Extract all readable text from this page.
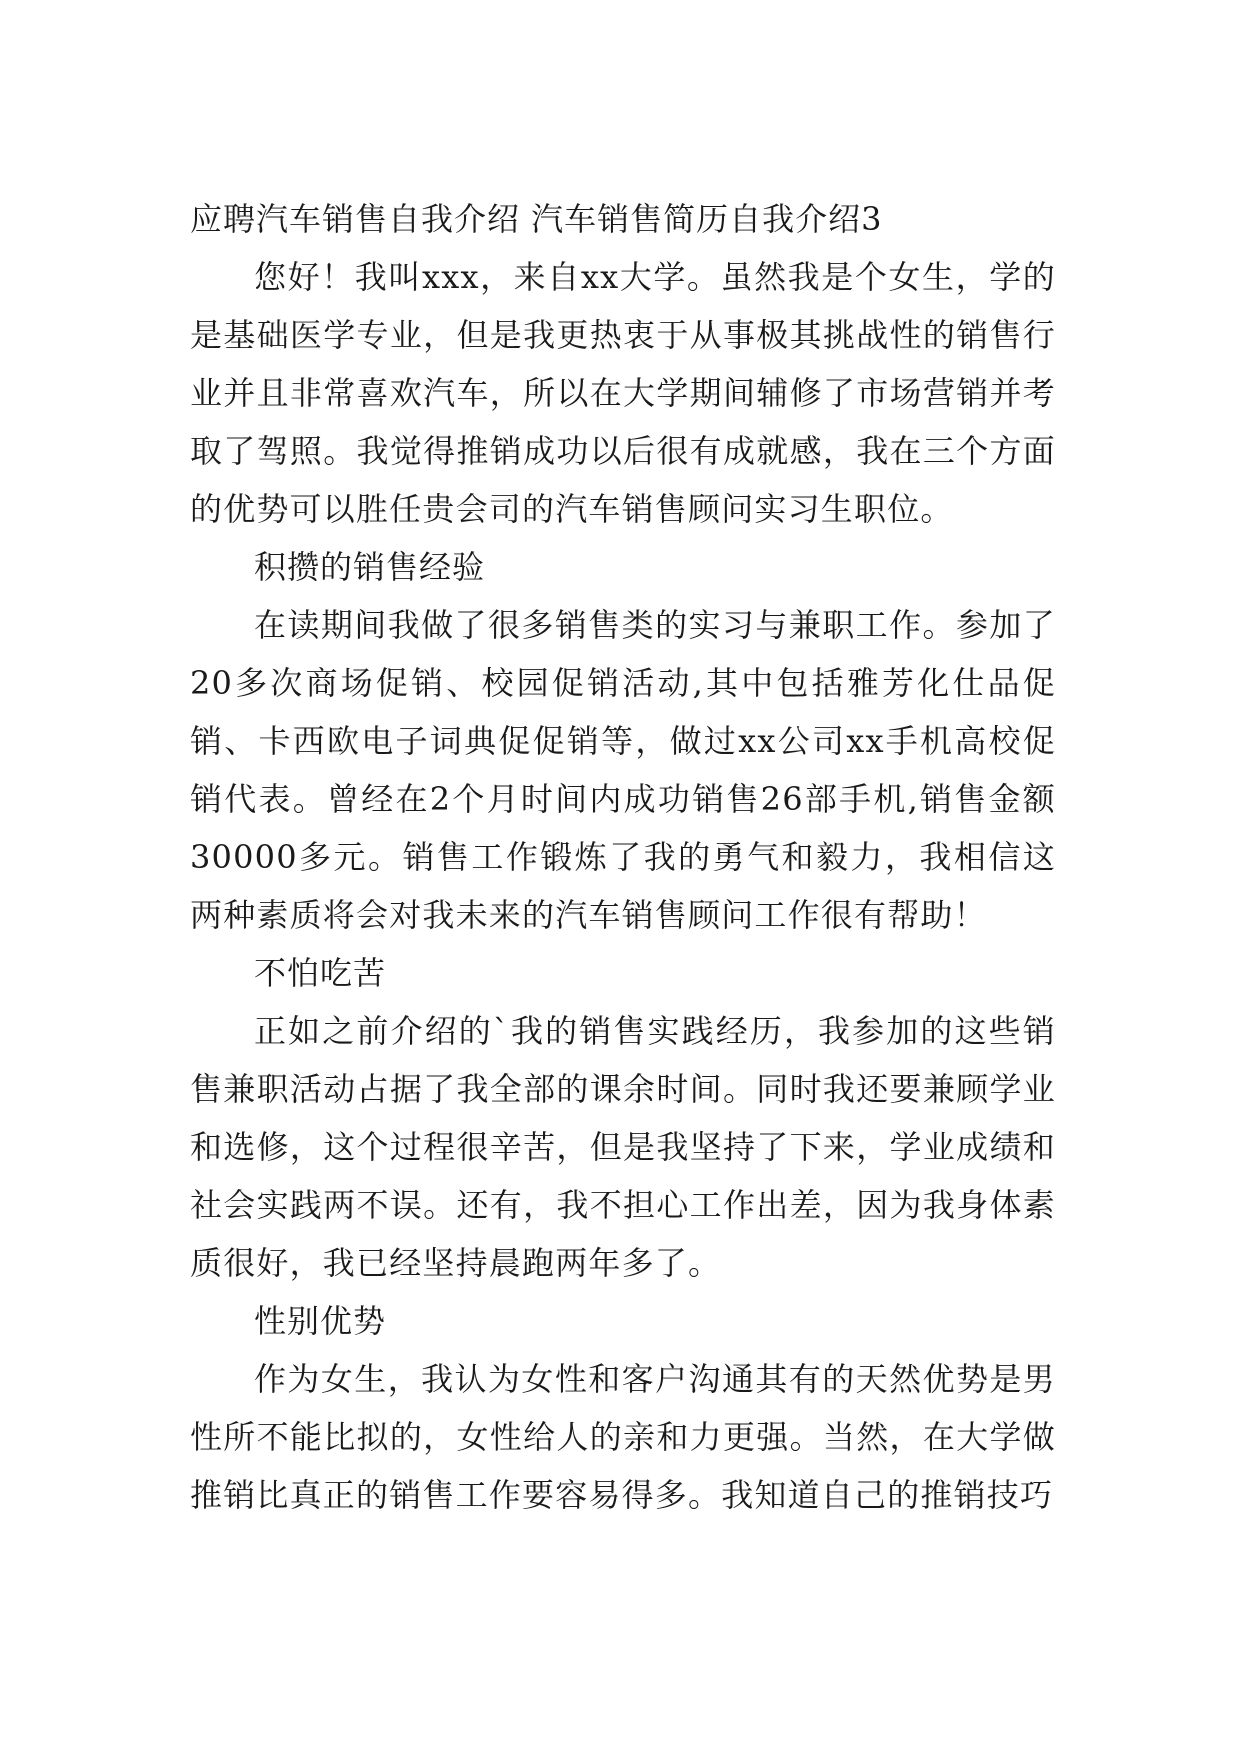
应聘汽车销售自我介绍 汽车销售简历自我介绍3

您好！我叫xxx，来自xx大学。虽然我是个女生，学的是基础医学专业，但是我更热衷于从事极其挑战性的销售行业并且非常喜欢汽车，所以在大学期间辅修了市场营销并考取了驾照。我觉得推销成功以后很有成就感，我在三个方面的优势可以胜任贵会司的汽车销售顾问实习生职位。

积攒的销售经验

在读期间我做了很多销售类的实习与兼职工作。参加了20多次商场促销、校园促销活动,其中包括雅芳化仕品促销、卡西欧电子词典促促销等，做过xx公司xx手机高校促销代表。曾经在2个月时间内成功销售26部手机,销售金额30000多元。销售工作锻炼了我的勇气和毅力，我相信这两种素质将会对我未来的汽车销售顾问工作很有帮助！

不怕吃苦

正如之前介绍的`我的销售实践经历，我参加的这些销售兼职活动占据了我全部的课余时间。同时我还要兼顾学业和选修，这个过程很辛苦，但是我坚持了下来，学业成绩和社会实践两不误。还有，我不担心工作出差，因为我身体素质很好，我已经坚持晨跑两年多了。

性别优势

作为女生，我认为女性和客户沟通其有的天然优势是男性所不能比拟的，女性给人的亲和力更强。当然，在大学做推销比真正的销售工作要容易得多。我知道自己的推销技巧
